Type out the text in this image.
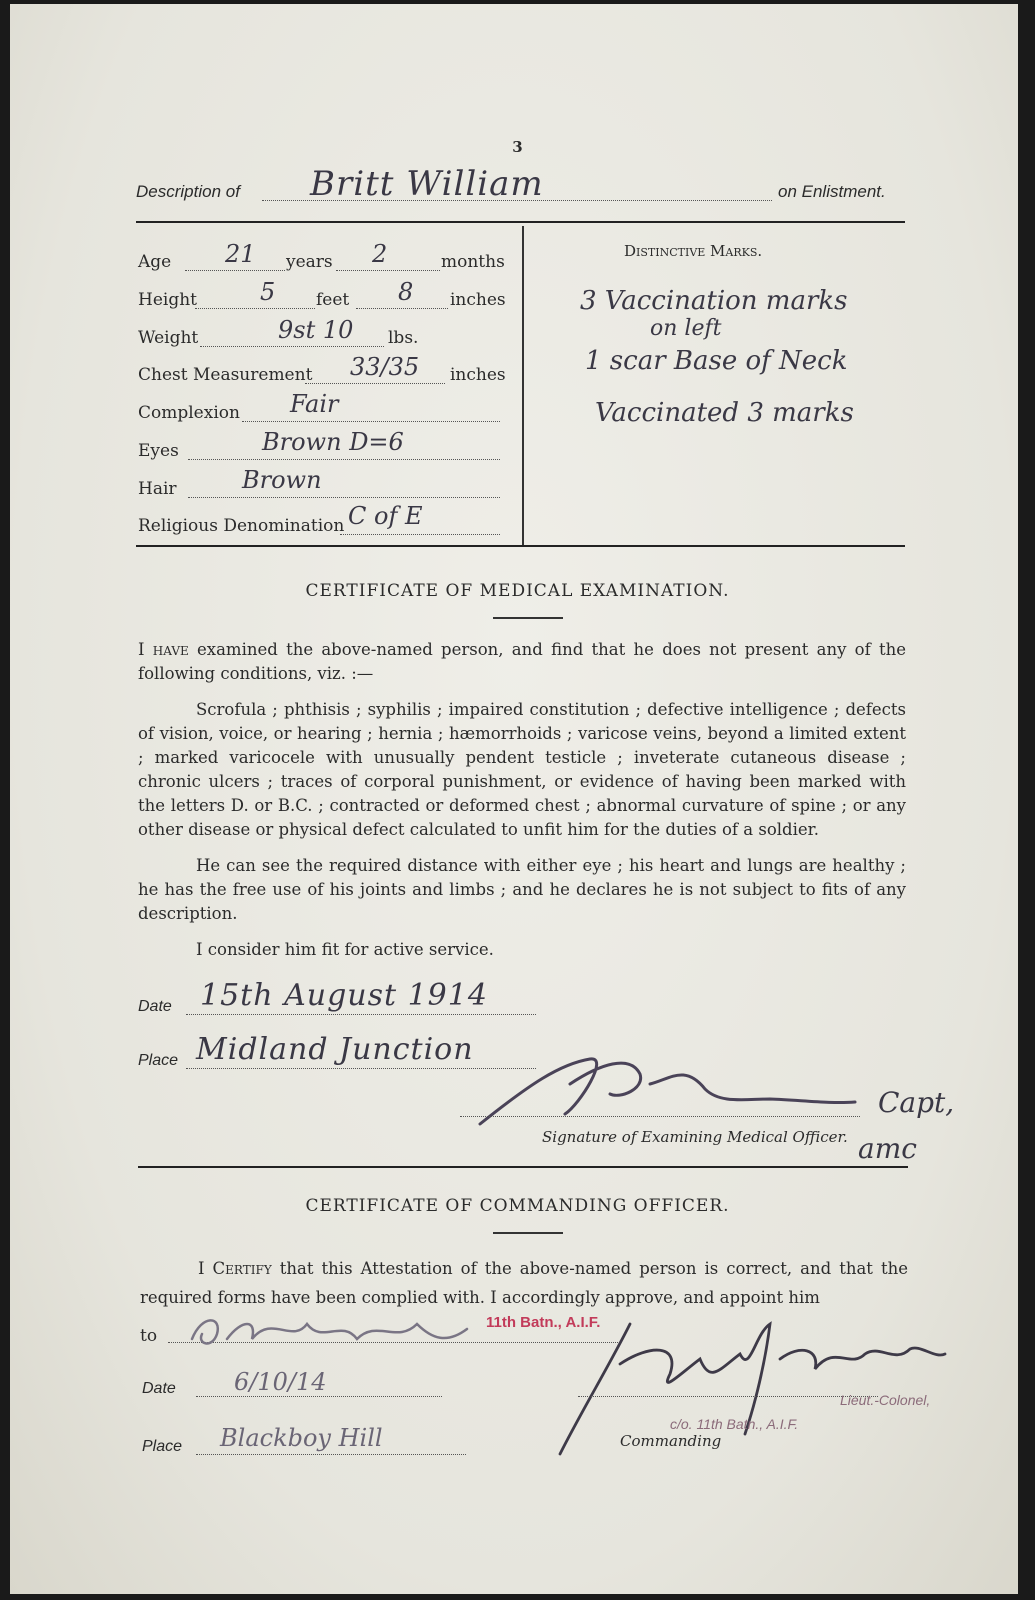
3
Description of Britt William	on Enlistment.
Age 21 years 2	months
Height	5 feet 8 inches
Weight	9st 10 lbs.
Chest Measurement 33/35 inches
Complexion Fair
Eyes	Brown D=6
Hair	Brown
Religious Denomination C of E
Distinctive Marks.
3 Vaccination marks
on left
1 scar Base of Neck
Vaccinated 3 marks
CERTIFICATE OF MEDICAL EXAMINATION.
I have examined the above-named person, and find that he does not present any of the following conditions, viz. :—
Scrofula ; phthisis ; syphilis ; impaired constitution ; defective intelligence ; defects of vision, voice, or hearing ; hernia ; hæmorrhoids ; varicose veins, beyond a limited extent ; marked varicocele with unusually pendent testicle ; inveterate cutaneous disease ; chronic ulcers ; traces of corporal punishment, or evidence of having been marked with the letters D. or B.C. ; contracted or deformed chest ; abnormal curvature of spine ; or any other disease or physical defect calculated to unfit him for the duties of a soldier.
He can see the required distance with either eye ; his heart and lungs are healthy ; he has the free use of his joints and limbs ; and he declares he is not subject to fits of any description.
I consider him fit for active service.
Date 15th August 1914
Place Midland Junction
Capt,
amc
Signature of Examining Medical Officer.
CERTIFICATE OF COMMANDING OFFICER.
I Certify that this Attestation of the above-named person is correct, and that the required forms have been complied with. I accordingly approve, and appoint him
to
11th Batn., A.I.F.
Date 6/10/14
Place Blackboy Hill
Lieut.-Colonel,
c/o. 11th Batn., A.I.F.
Commanding
